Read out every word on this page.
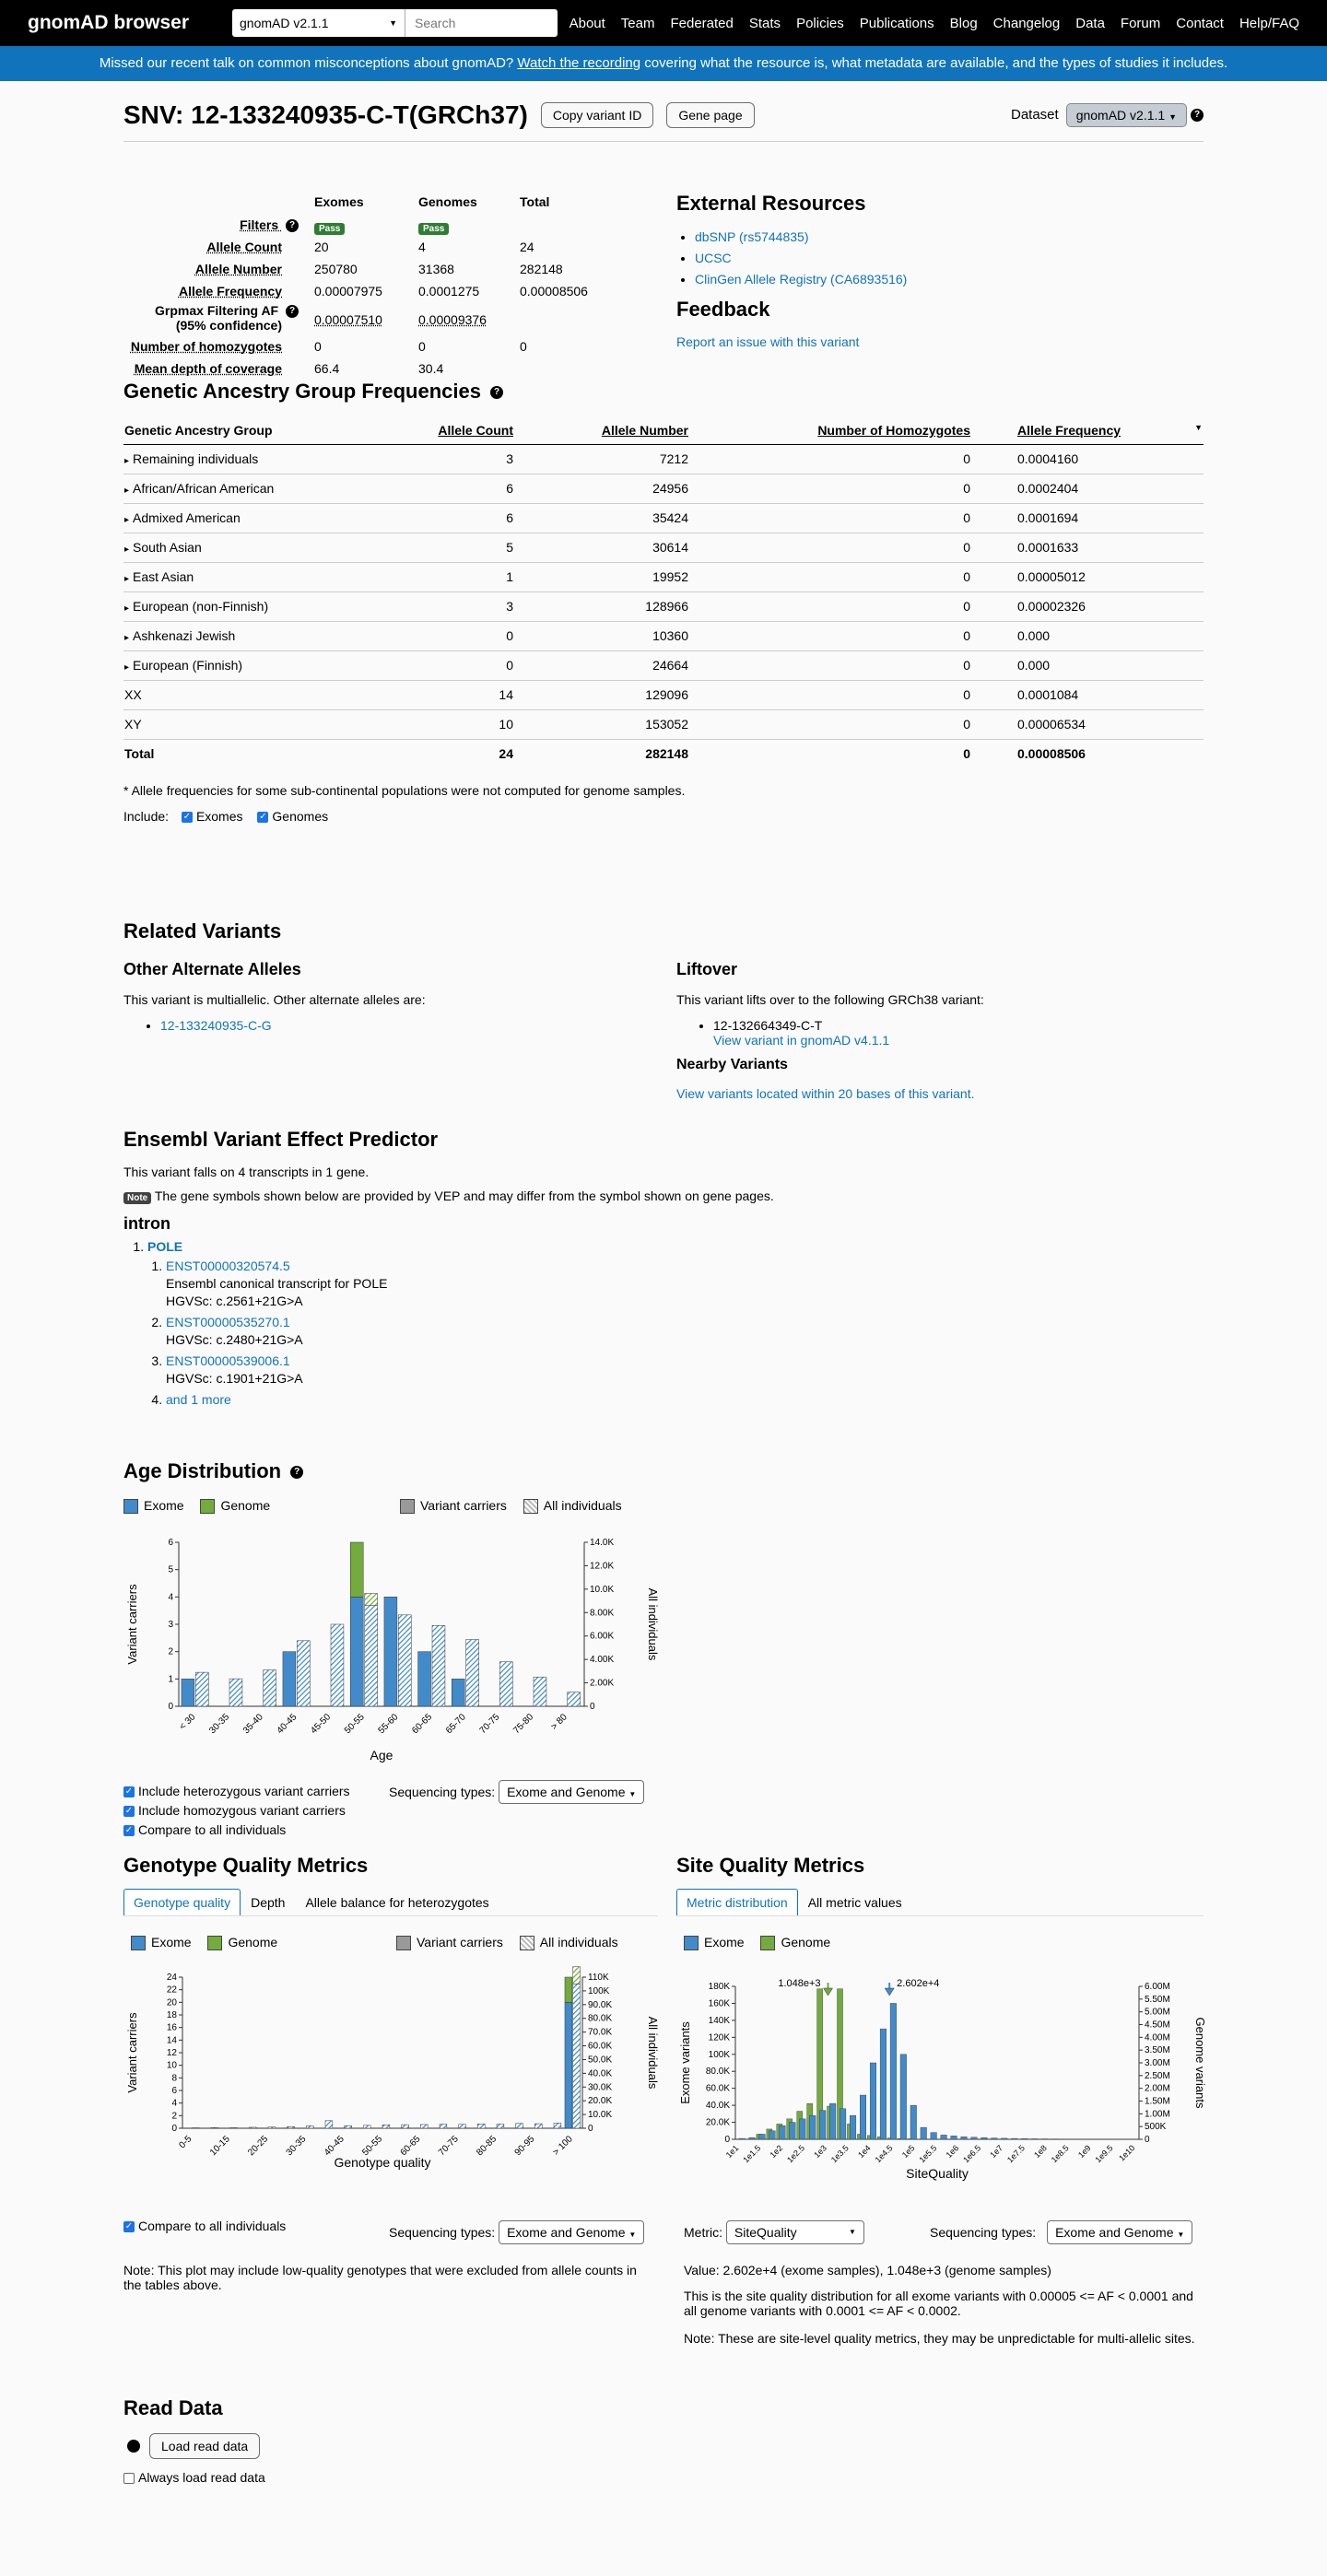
gnomAD browser	gnomAD v2.1.1	▼	Search	About Team Federated Stats Policies Publications Blog Changelog Data Forum Contact Help/FAQ
Missed our recent talk on common misconceptions about gnomAD? Watch the recording covering what the resource is, what metadata are available, and the types of studies it includes.
SNV: 12-133240935-C-T(GRCh37)	Copy variant ID	Gene page	Dataset	gnomAD v2.1.1 ▼	?
Exomes	Genomes	Total
Filters ?	Pass	Pass
Allele Count	20	4	24
Allele Number	250780	31368	282148
Allele Frequency	0.00007975	0.0001275	0.00008506
Grpmax Filtering AF ?
(95% confidence)	0.00007510	0.00009376
Number of homozygotes	0	0	0
Mean depth of coverage	66.4	30.4
External Resources
• dbSNP (rs5744835)
• UCSC
• ClinGen Allele Registry (CA6893516)
Feedback
Report an issue with this variant
Genetic Ancestry Group Frequencies ?
Genetic Ancestry Group	Allele Count	Allele Number	Number of Homozygotes	Allele Frequency ▼

▸ Remaining individuals	3	7212	0	0.0004160
▸ African/African American	6	24956	0	0.0002404
▸ Admixed American	6	35424	0	0.0001694
▸ South Asian	5	30614	0	0.0001633
▸ East Asian	1	19952	0	0.00005012
▸ European (non-Finnish)	3	128966	0	0.00002326
▸ Ashkenazi Jewish	0	10360	0	0.000
▸ European (Finnish)	0	24664	0	0.000
XX	14	129096	0	0.0001084
XY	10	153052	0	0.00006534
Total	24	282148	0	0.00008506
* Allele frequencies for some sub-continental populations were not computed for genome samples.
Include: ✓ Exomes ✓ Genomes
Related Variants
Other Alternate Alleles
This variant is multiallelic. Other alternate alleles are:
• 12-133240935-C-G
Liftover
This variant lifts over to the following GRCh38 variant:
• 12-132664349-C-T
View variant in gnomAD v4.1.1
Nearby Variants
View variants located within 20 bases of this variant.
Ensembl Variant Effect Predictor
This variant falls on 4 transcripts in 1 gene.
Note The gene symbols shown below are provided by VEP and may differ from the symbol shown on gene pages.
intron
1. POLE
1. ENST00000320574.5
Ensembl canonical transcript for POLE
HGVSc: c.2561+21G>A
2. ENST00000535270.1
HGVSc: c.2480+21G>A
3. ENST00000539006.1
HGVSc: c.1901+21G>A
4. and 1 more
Age Distribution ?
Exome	Genome	Variant carriers	All individuals
0
1
2
3
4
5
6
0
2.00K
4.00K
6.00K
8.00K
10.0K
12.0K
14.0K
Variant carriers	All individuals
Age
< 30 30-35 35-40 40-45 45-50 50-55 55-60 60-65 65-70 70-75 75-80 > 80
✓ Include heterozygous variant carriers
✓ Include homozygous variant carriers
✓ Compare to all individuals
Sequencing types: Exome and Genome ▼
Genotype Quality Metrics
Genotype quality	Depth	Allele balance for heterozygotes
Exome	Genome	Variant carriers	All individuals
0
2
4
6
8
10
12
14
16
18
20
22
24
0
10.0K
20.0K
30.0K
40.0K
50.0K
60.0K
70.0K
80.0K
90.0K
100K
110K
Variant carriers	All individuals
Genotype quality
0-5 10-15 20-25 30-35 40-45 50-55 60-65 70-75 80-85 90-95 > 100
✓ Compare to all individuals	Sequencing types: Exome and Genome ▼
Note: This plot may include low-quality genotypes that were excluded from allele counts in the tables above.
Site Quality Metrics
Metric distribution	All metric values
Exome	Genome
0
20.0K
40.0K
60.0K
80.0K
100K
120K
140K
160K
180K
0
500K
1.00M
1.50M
2.00M
2.50M
3.00M
3.50M
4.00M
4.50M
5.00M
5.50M
6.00M
Exome variants	Genome variants
SiteQuality
1e1 1e1.5 1e2 1e2.5 1e3 1e3.5 1e4 1e4.5 1e5 1e5.5 1e6 1e6.5 1e7 1e7.5 1e8 1e8.5 1e9 1e9.5 1e10
1.048e+3	2.602e+4
Metric: SiteQuality	▼	Sequencing types: Exome and Genome ▼
Value: 2.602e+4 (exome samples), 1.048e+3 (genome samples)
This is the site quality distribution for all exome variants with 0.00005 <= AF < 0.0001 and all genome variants with 0.0001 <= AF < 0.0002.
Note: These are site-level quality metrics, they may be unpredictable for multi-allelic sites.
Read Data
Load read data
Always load read data
